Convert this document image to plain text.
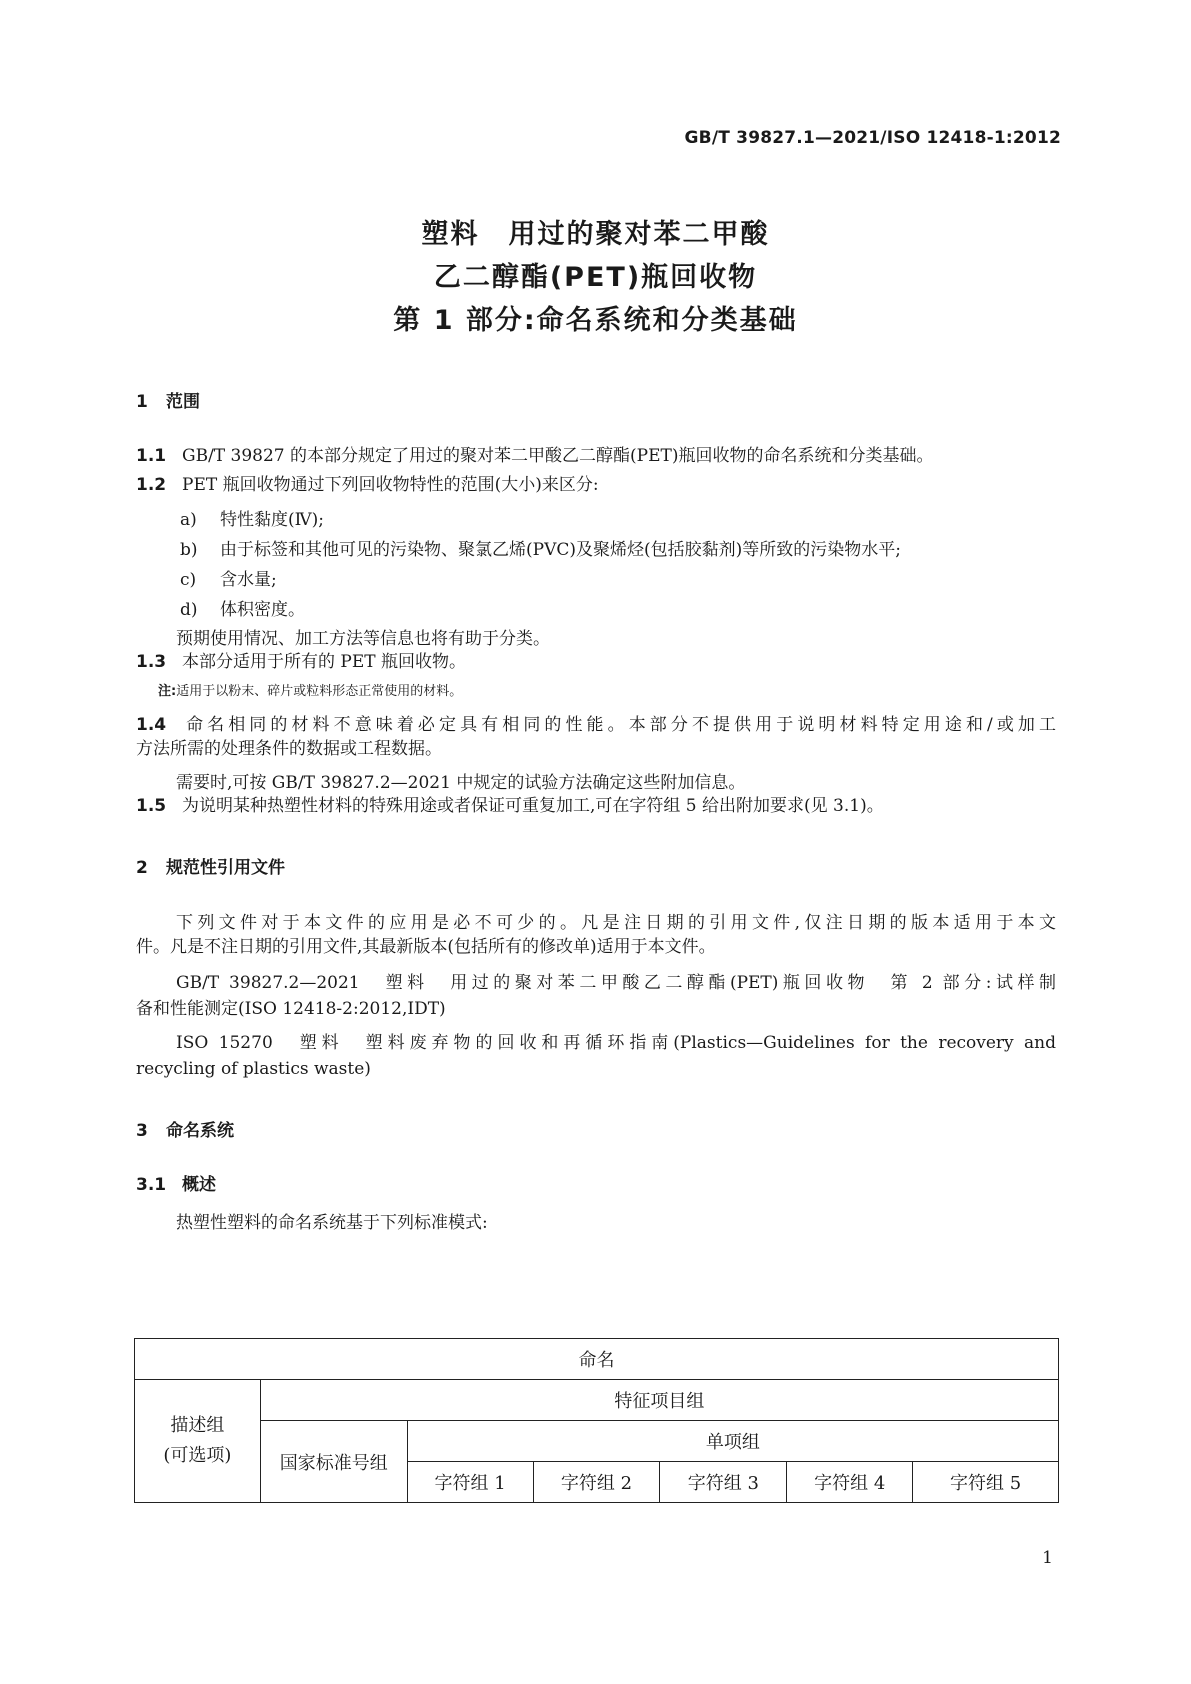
GB/T 39827.1—2021/ISO 12418-1:2012
塑料　用过的聚对苯二甲酸
乙二醇酯(PET)瓶回收物
第 1 部分:命名系统和分类基础
1 范围
1.1 GB/T 39827 的本部分规定了用过的聚对苯二甲酸乙二醇酯(PET)瓶回收物的命名系统和分类基础。
1.2 PET 瓶回收物通过下列回收物特性的范围(大小)来区分:
a) 特性黏度(Ⅳ);
b) 由于标签和其他可见的污染物、聚氯乙烯(PVC)及聚烯烃(包括胶黏剂)等所致的污染物水平;
c) 含水量;
d) 体积密度。
预期使用情况、加工方法等信息也将有助于分类。
1.3 本部分适用于所有的 PET 瓶回收物。
注:适用于以粉末、碎片或粒料形态正常使用的材料。
1.4 命名相同的材料不意味着必定具有相同的性能。本部分不提供用于说明材料特定用途和/或加工
方法所需的处理条件的数据或工程数据。
需要时,可按 GB/T 39827.2—2021 中规定的试验方法确定这些附加信息。
1.5 为说明某种热塑性材料的特殊用途或者保证可重复加工,可在字符组 5 给出附加要求(见 3.1)。
2 规范性引用文件
下列文件对于本文件的应用是必不可少的。凡是注日期的引用文件,仅注日期的版本适用于本文
件。凡是不注日期的引用文件,其最新版本(包括所有的修改单)适用于本文件。
GB/T 39827.2—2021　塑料　用过的聚对苯二甲酸乙二醇酯(PET)瓶回收物　第 2 部分:试样制
备和性能测定(ISO 12418-2:2012,IDT)
ISO 15270　塑料　塑料废弃物的回收和再循环指南(Plastics—Guidelines for the recovery and
recycling of plastics waste)
3 命名系统
3.1 概述
热塑性塑料的命名系统基于下列标准模式:
命名						

描述组
(可选项)	特征项目组					
	国家标准号组	单项组				
		字符组 1	字符组 2	字符组 3	字符组 4	字符组 5
1
